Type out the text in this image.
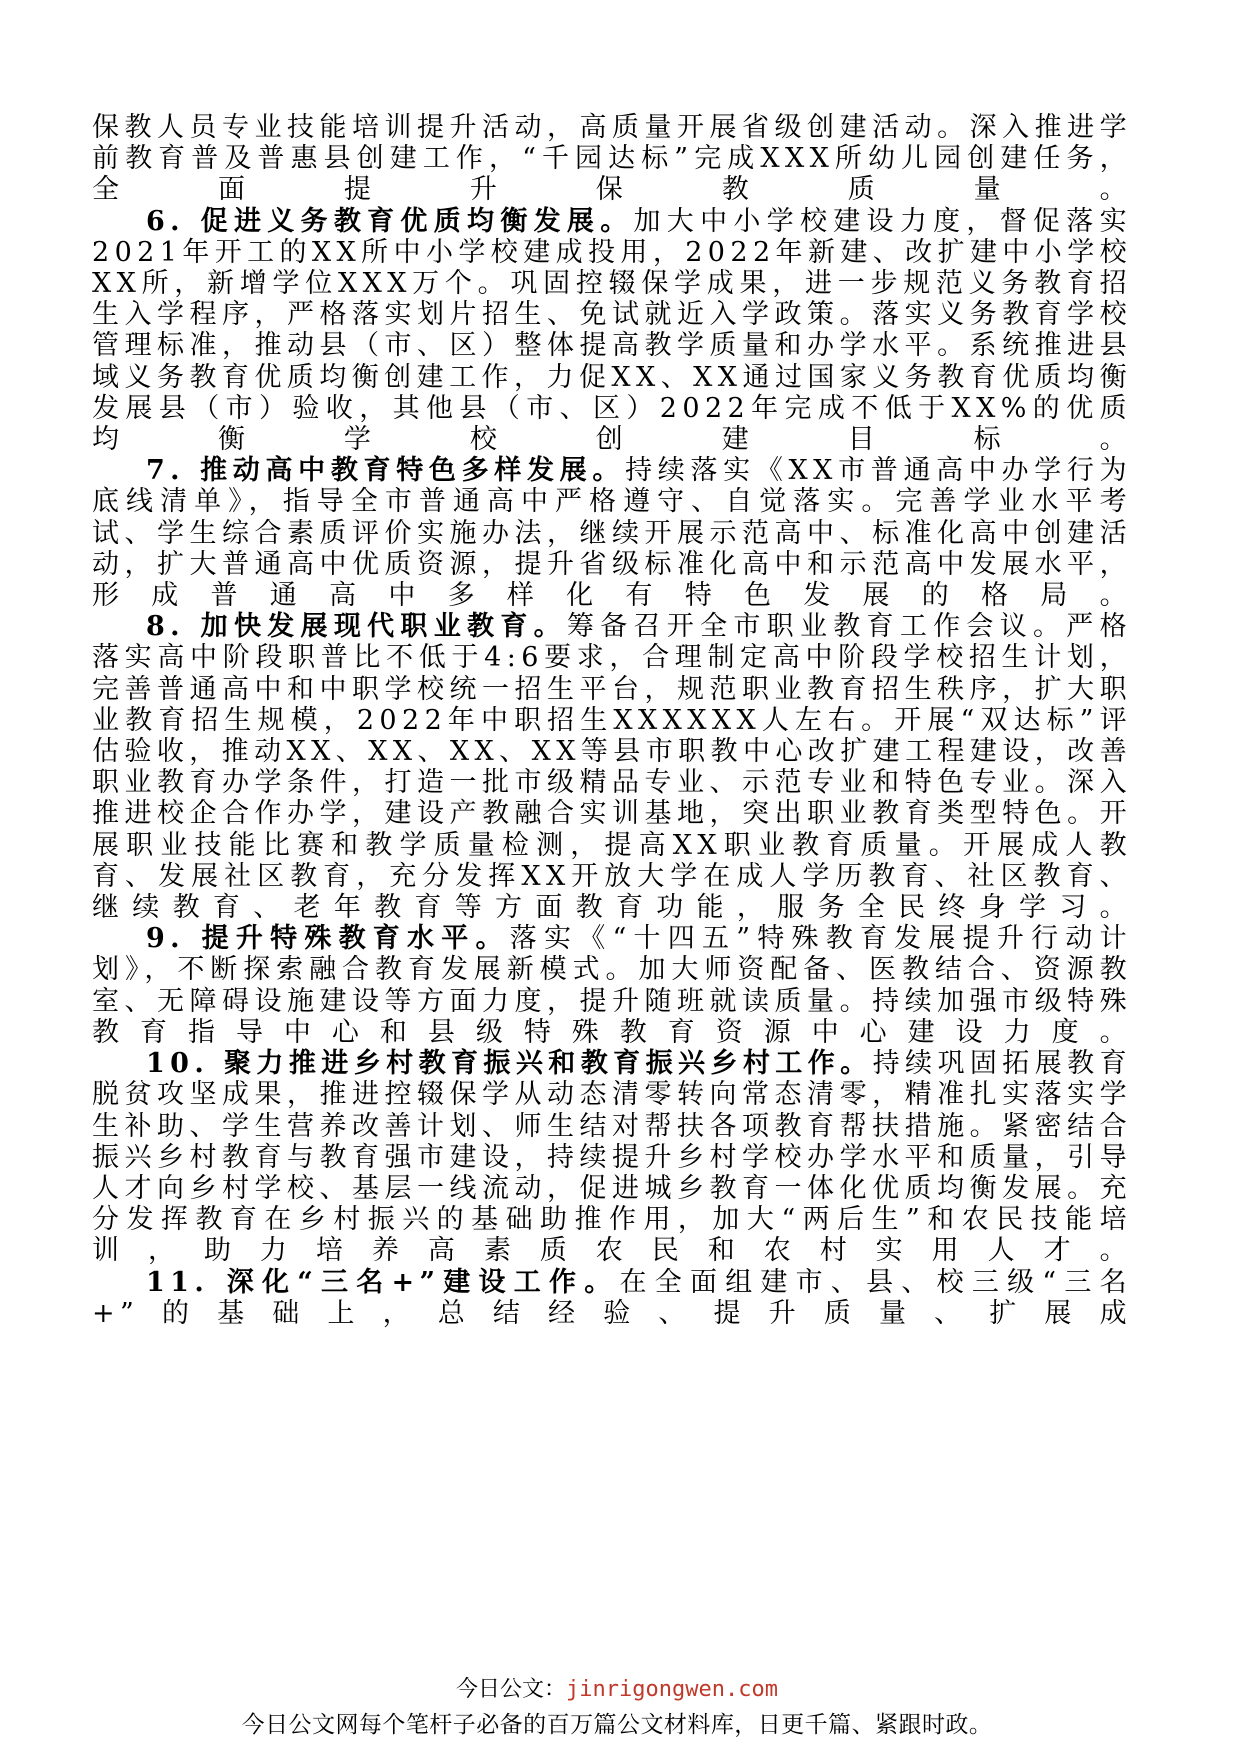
保教人员专业技能培训提升活动，高质量开展省级创建活动。深入推进学前教育普及普惠县创建工作，“千园达标”完成XXX所幼儿园创建任务，全面提升保教质量。

6. 促进义务教育优质均衡发展。加大中小学校建设力度，督促落实2021年开工的XX所中小学校建成投用，2022年新建、改扩建中小学校XX所，新增学位XXX万个。巩固控辍保学成果，进一步规范义务教育招生入学程序，严格落实划片招生、免试就近入学政策。落实义务教育学校管理标准，推动县（市、区）整体提高教学质量和办学水平。系统推进县域义务教育优质均衡创建工作，力促XX、XX通过国家义务教育优质均衡发展县（市）验收，其他县（市、区）2022年完成不低于XX%的优质均衡学校创建目标。

7. 推动高中教育特色多样发展。持续落实《XX市普通高中办学行为底线清单》，指导全市普通高中严格遵守、自觉落实。完善学业水平考试、学生综合素质评价实施办法，继续开展示范高中、标准化高中创建活动，扩大普通高中优质资源，提升省级标准化高中和示范高中发展水平，形成普通高中多样化有特色发展的格局。

8. 加快发展现代职业教育。筹备召开全市职业教育工作会议。严格落实高中阶段职普比不低于4:6要求，合理制定高中阶段学校招生计划，完善普通高中和中职学校统一招生平台，规范职业教育招生秩序，扩大职业教育招生规模，2022年中职招生XXXXXX人左右。开展“双达标”评估验收，推动XX、XX、XX、XX等县市职教中心改扩建工程建设，改善职业教育办学条件，打造一批市级精品专业、示范专业和特色专业。深入推进校企合作办学，建设产教融合实训基地，突出职业教育类型特色。开展职业技能比赛和教学质量检测，提高XX职业教育质量。开展成人教育、发展社区教育，充分发挥XX开放大学在成人学历教育、社区教育、继续教育、老年教育等方面教育功能，服务全民终身学习。

9. 提升特殊教育水平。落实《“十四五”特殊教育发展提升行动计划》，不断探索融合教育发展新模式。加大师资配备、医教结合、资源教室、无障碍设施建设等方面力度，提升随班就读质量。持续加强市级特殊教育指导中心和县级特殊教育资源中心建设力度。

10. 聚力推进乡村教育振兴和教育振兴乡村工作。持续巩固拓展教育脱贫攻坚成果，推进控辍保学从动态清零转向常态清零，精准扎实落实学生补助、学生营养改善计划、师生结对帮扶各项教育帮扶措施。紧密结合振兴乡村教育与教育强市建设，持续提升乡村学校办学水平和质量，引导人才向乡村学校、基层一线流动，促进城乡教育一体化优质均衡发展。充分发挥教育在乡村振兴的基础助推作用，加大“两后生”和农民技能培训，助力培养高素质农民和农村实用人才。

11. 深化“三名+”建设工作。在全面组建市、县、校三级“三名+”的基础上，总结经验、提升质量、扩展成

今日公文：jinrigongwen.com
今日公文网每个笔杆子必备的百万篇公文材料库，日更千篇、紧跟时政。
